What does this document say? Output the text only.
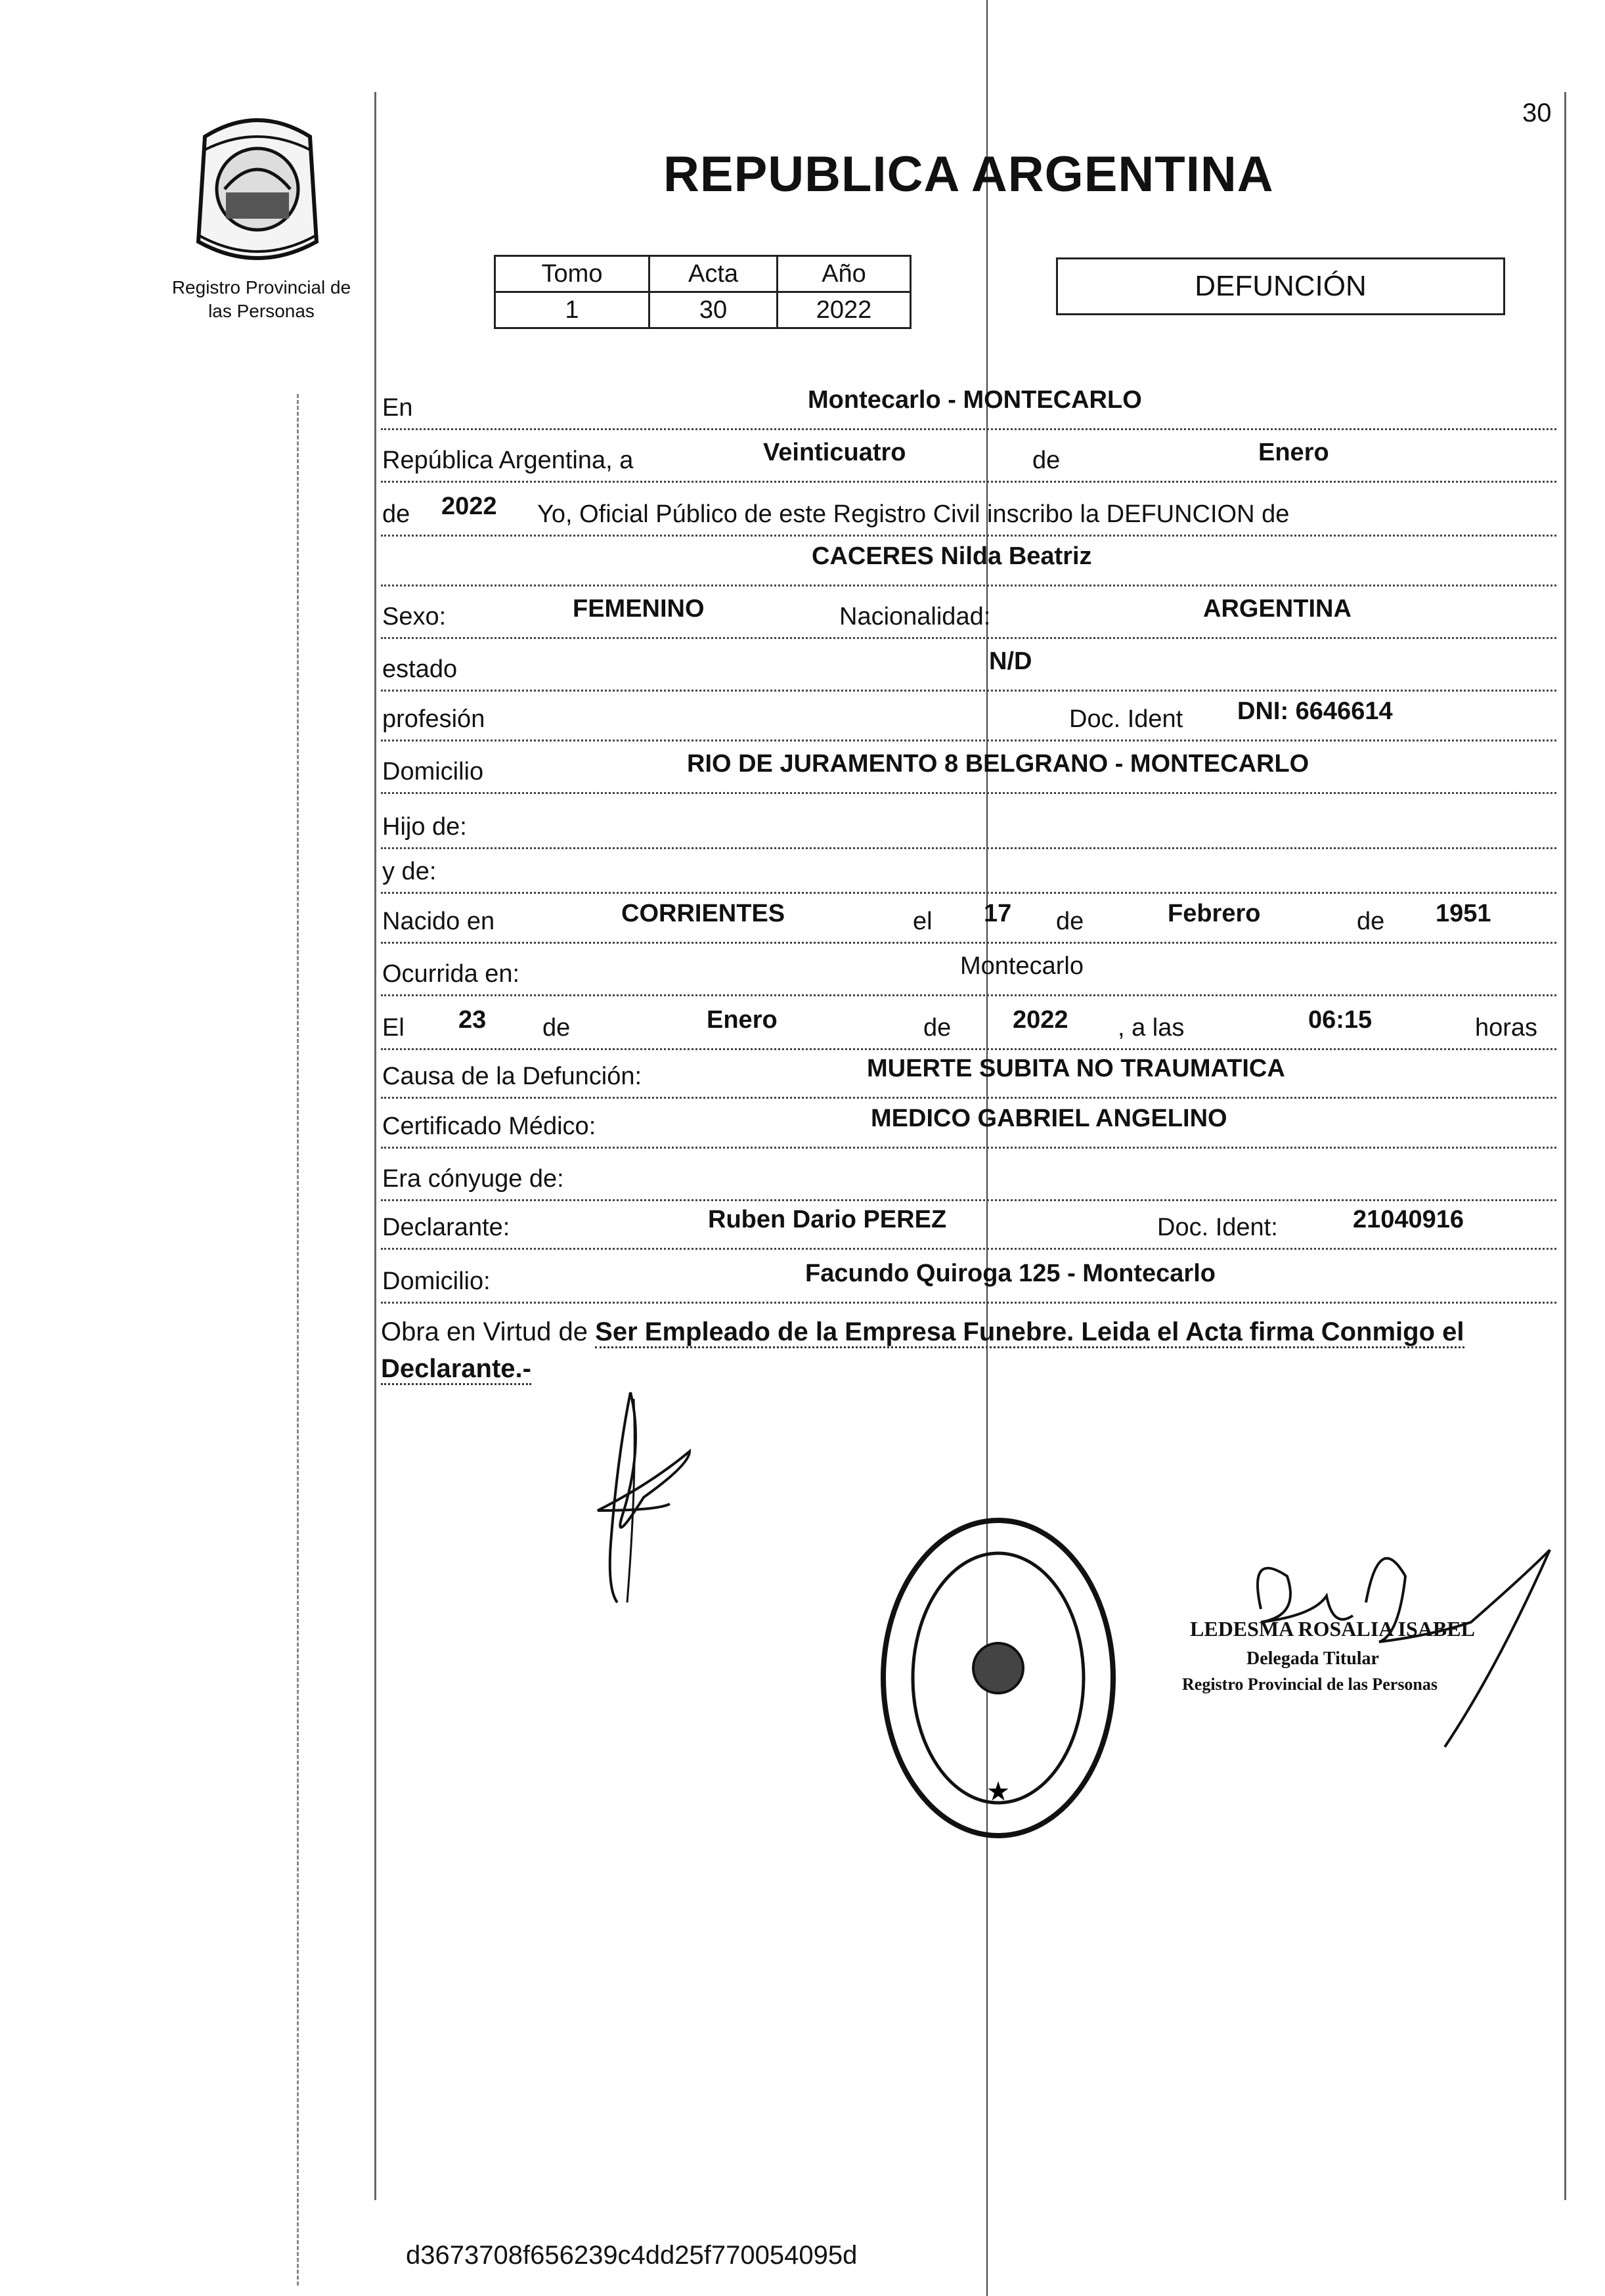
30
Registro Provincial de
las Personas
REPUBLICA ARGENTINA
Tomo	Acta	Año
1	30	2022
DEFUNCIÓN
En	Montecarlo - MONTECARLO
República Argentina, a	Veinticuatro	de	Enero
de 2022 Yo, Oficial Público de este Registro Civil inscribo la DEFUNCION de
CACERES Nilda Beatriz
Sexo:	FEMENINO	Nacionalidad:	ARGENTINA
estado	N/D
profesión	Doc. Ident DNI: 6646614
Domicilio	RIO DE JURAMENTO 8 BELGRANO - MONTECARLO
Hijo de:
y de:
Nacido en	CORRIENTES	el 17 de	Febrero	de 1951
Ocurrida en:	Montecarlo
El 23 de	Enero	de 2022 , a las	06:15	horas
Causa de la Defunción:	MUERTE SUBITA NO TRAUMATICA
Certificado Médico:	MEDICO GABRIEL ANGELINO
Era cónyuge de:
Declarante:	Ruben Dario PEREZ	Doc. Ident:	21040916
Domicilio:	Facundo Quiroga 125 - Montecarlo
Obra en Virtud de Ser Empleado de la Empresa Funebre. Leida el Acta firma Conmigo el Declarante.-
★
LEDESMA ROSALIA ISABEL
Delegada Titular
Registro Provincial de las Personas
d3673708f656239c4dd25f770054095d
